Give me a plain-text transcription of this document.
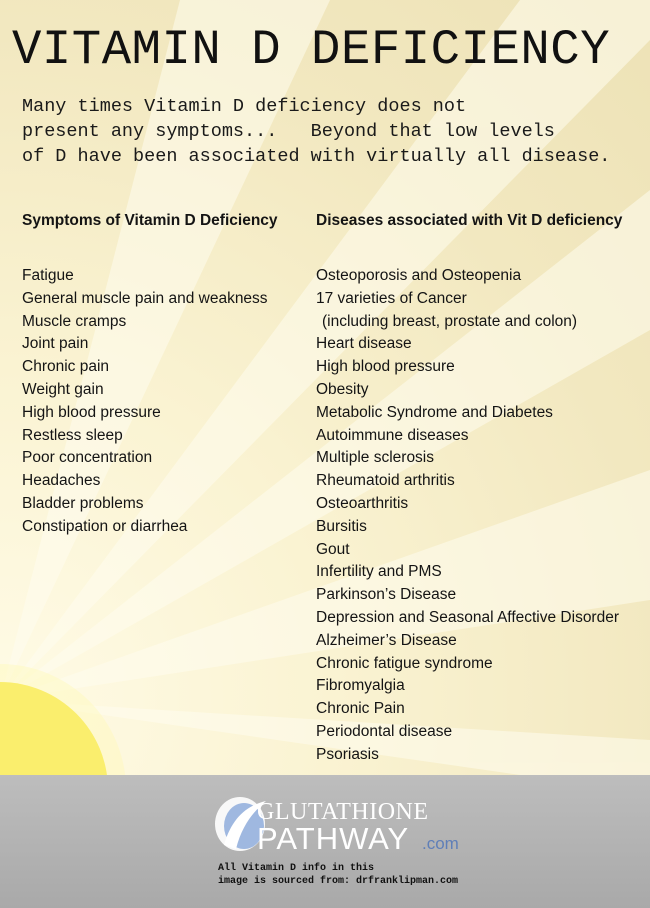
VITAMIN D DEFICIENCY
Many times Vitamin D deficiency does not
present any symptoms...   Beyond that low levels
of D have been associated with virtually all disease.
Symptoms of Vitamin D Deficiency
Fatigue
General muscle pain and weakness
Muscle cramps
Joint pain
Chronic pain
Weight gain
High blood pressure
Restless sleep
Poor concentration
Headaches
Bladder problems
Constipation or diarrhea
Diseases associated with Vit D deficiency
Osteoporosis and Osteopenia
17 varieties of Cancer
(including breast, prostate and colon)
Heart disease
High blood pressure
Obesity
Metabolic Syndrome and Diabetes
Autoimmune diseases
Multiple sclerosis
Rheumatoid arthritis
Osteoarthritis
Bursitis
Gout
Infertility and PMS
Parkinson’s Disease
Depression and Seasonal Affective Disorder
Alzheimer’s Disease
Chronic fatigue syndrome
Fibromyalgia
Chronic Pain
Periodontal disease
Psoriasis
GLUTATHIONE
PATHWAY .com
All Vitamin D info in this
image is sourced from: drfranklipman.com
